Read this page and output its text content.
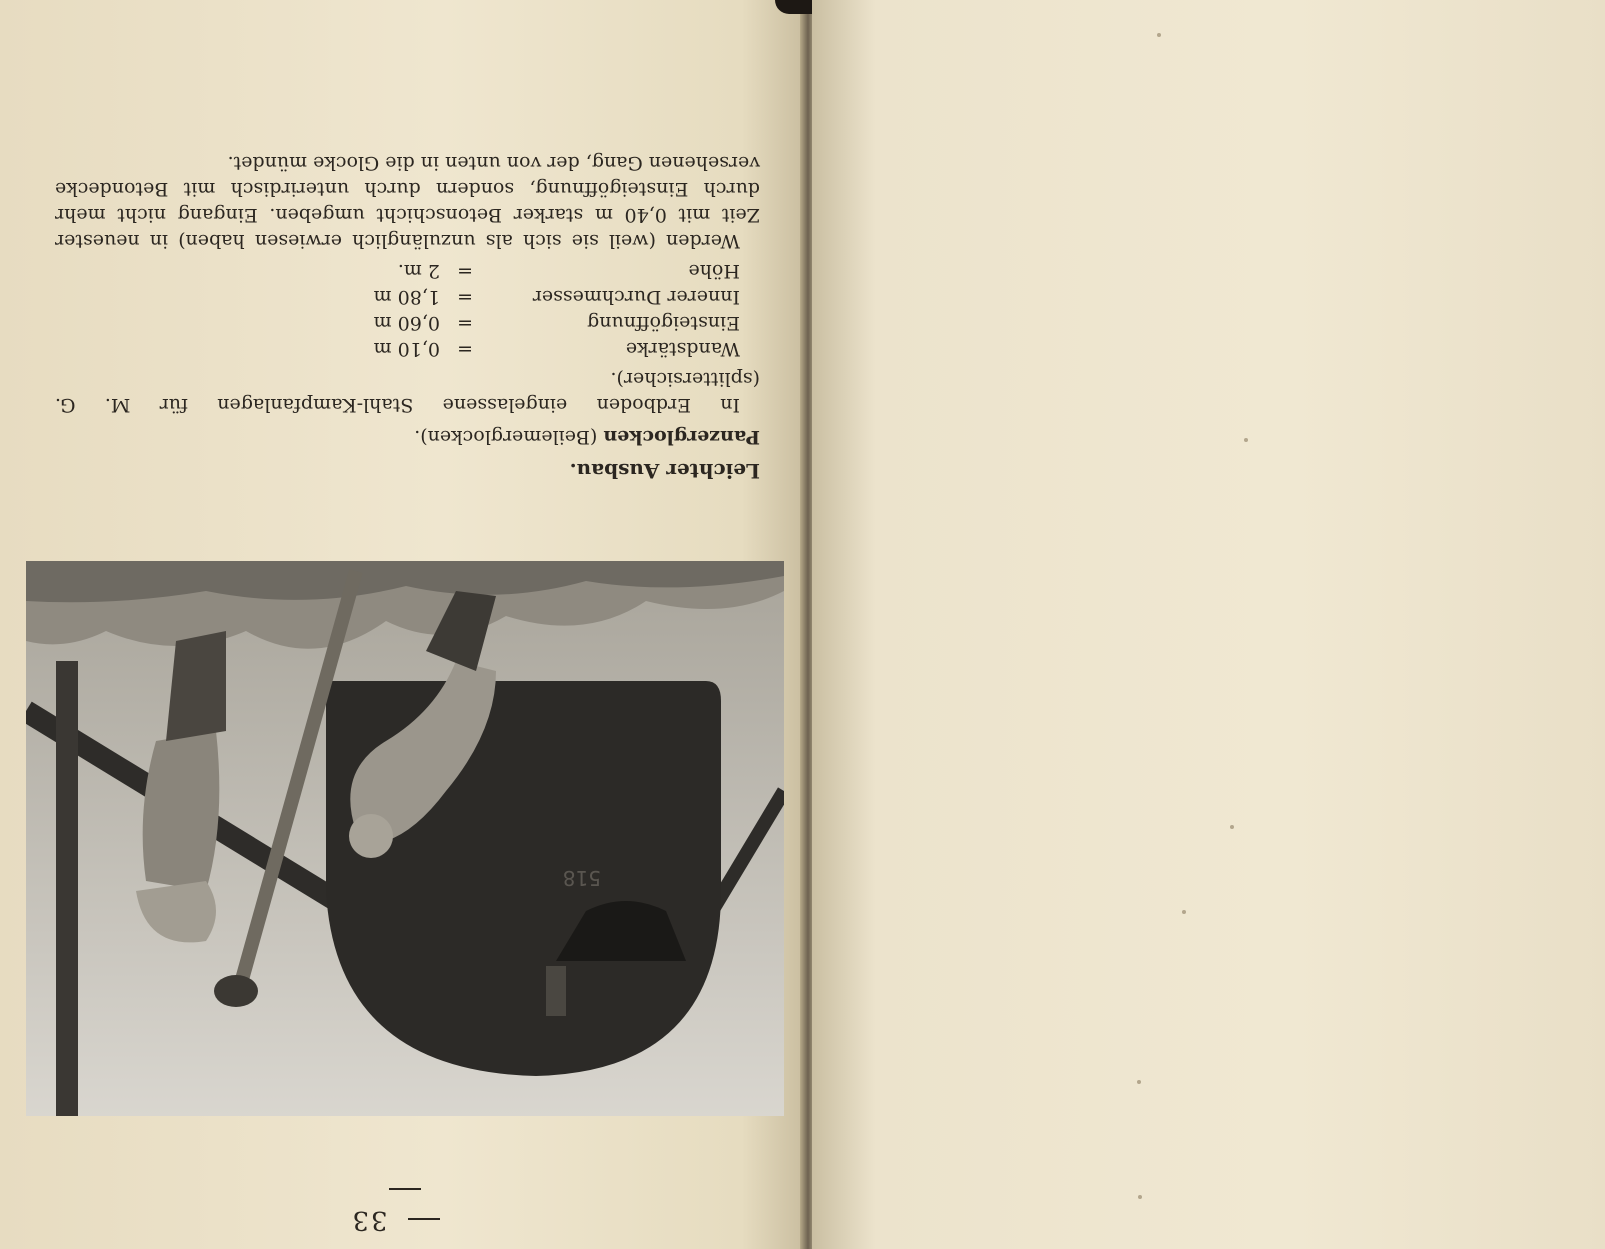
Leichter Ausbau.

Panzerglocken (Beilemerglocken).

In Erdboden eingelassene Stahl-Kampfanlagen für M. G. (splittersicher).

Wandstärke
=
0,10 m
Einsteigöffnung
=
0,60 m
Innerer Durchmesser
=
1,80 m
Höhe
=
2 m.

Werden (weil sie sich als unzulänglich erwiesen haben) in neuester Zeit mit 0,40 m starker Betonschicht umgeben. Eingang nicht mehr durch Einsteigöffnung, sondern durch unterirdisch mit Betondecke versehenen Gang, der von unten in die Glocke mündet.

518
33
